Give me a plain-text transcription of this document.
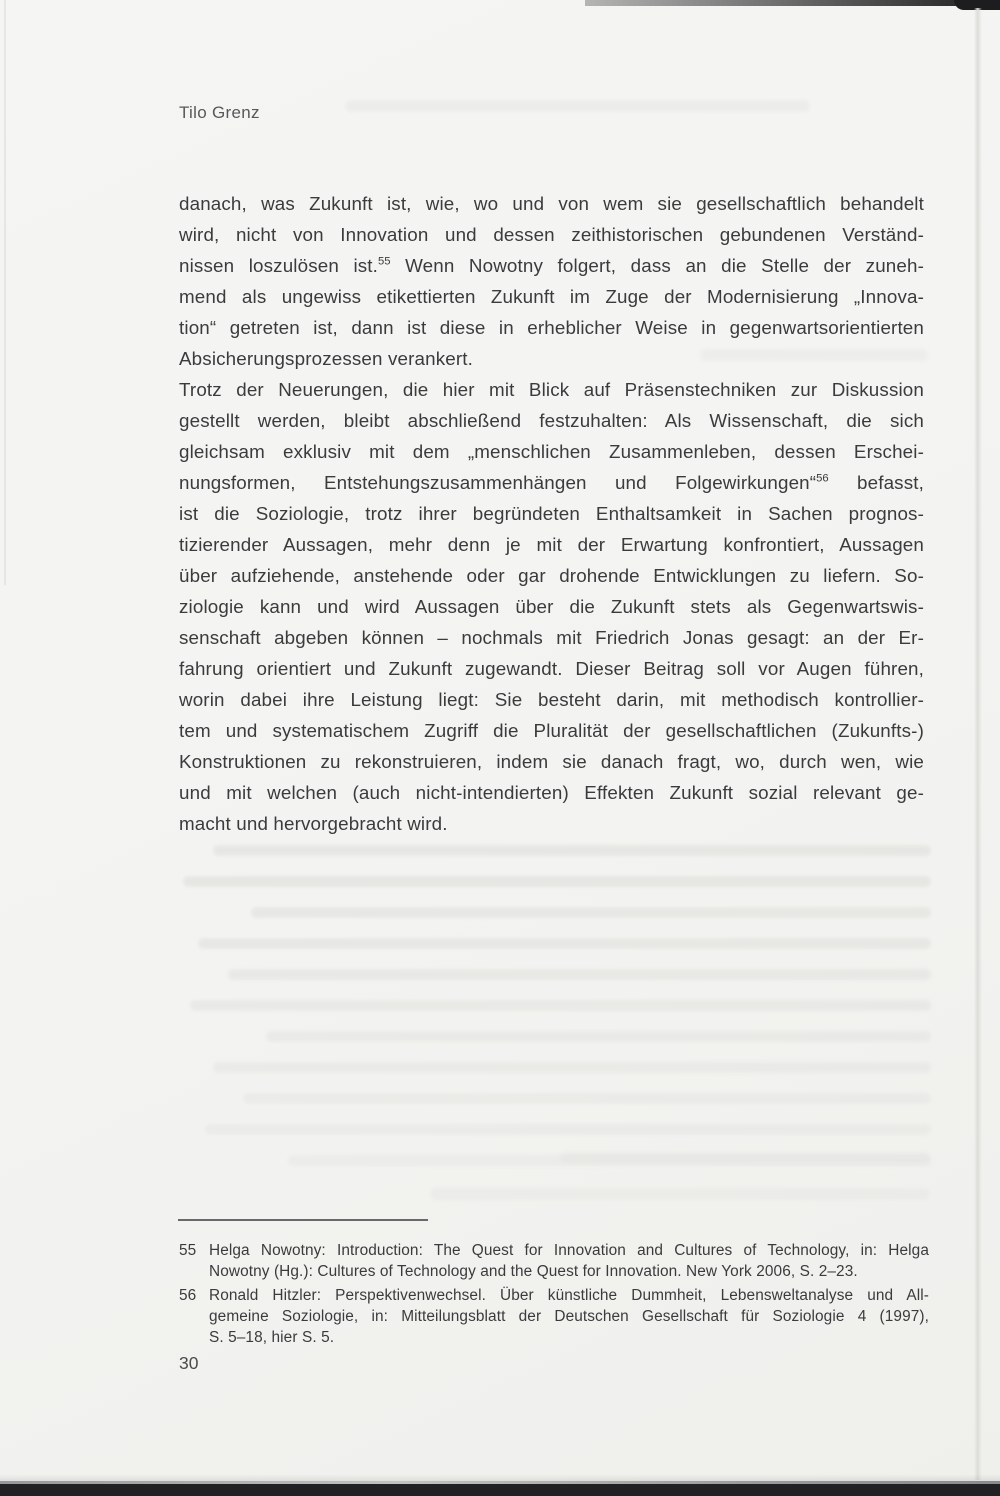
Tilo Grenz
danach, was Zukunft ist, wie, wo und von wem sie gesellschaftlich behandelt
wird, nicht von Innovation und dessen zeithistorischen gebundenen Verständ-
nissen loszulösen ist.$^{55}$ Wenn Nowotny folgert, dass an die Stelle der zuneh-
mend als ungewiss etikettierten Zukunft im Zuge der Modernisierung „Innova-
tion“ getreten ist, dann ist diese in erheblicher Weise in gegenwartsorientierten
Absicherungsprozessen verankert.
Trotz der Neuerungen, die hier mit Blick auf Präsenstechniken zur Diskussion
gestellt werden, bleibt abschließend festzuhalten: Als Wissenschaft, die sich
gleichsam exklusiv mit dem „menschlichen Zusammenleben, dessen Erschei-
nungsformen, Entstehungszusammenhängen und Folgewirkungen“$^{56}$ befasst,
ist die Soziologie, trotz ihrer begründeten Enthaltsamkeit in Sachen prognos-
tizierender Aussagen, mehr denn je mit der Erwartung konfrontiert, Aussagen
über aufziehende, anstehende oder gar drohende Entwicklungen zu liefern. So-
ziologie kann und wird Aussagen über die Zukunft stets als Gegenwartswis-
senschaft abgeben können – nochmals mit Friedrich Jonas gesagt: an der Er-
fahrung orientiert und Zukunft zugewandt. Dieser Beitrag soll vor Augen führen,
worin dabei ihre Leistung liegt: Sie besteht darin, mit methodisch kontrollier-
tem und systematischem Zugriff die Pluralität der gesellschaftlichen (Zukunfts-)
Konstruktionen zu rekonstruieren, indem sie danach fragt, wo, durch wen, wie
und mit welchen (auch nicht-intendierten) Effekten Zukunft sozial relevant ge-
macht und hervorgebracht wird.
55 Helga Nowotny: Introduction: The Quest for Innovation and Cultures of Technology, in: Helga
Nowotny (Hg.): Cultures of Technology and the Quest for Innovation. New York 2006, S. 2–23.
56 Ronald Hitzler: Perspektivenwechsel. Über künstliche Dummheit, Lebensweltanalyse und All-
gemeine Soziologie, in: Mitteilungsblatt der Deutschen Gesellschaft für Soziologie 4 (1997),
S. 5–18, hier S. 5.
30
